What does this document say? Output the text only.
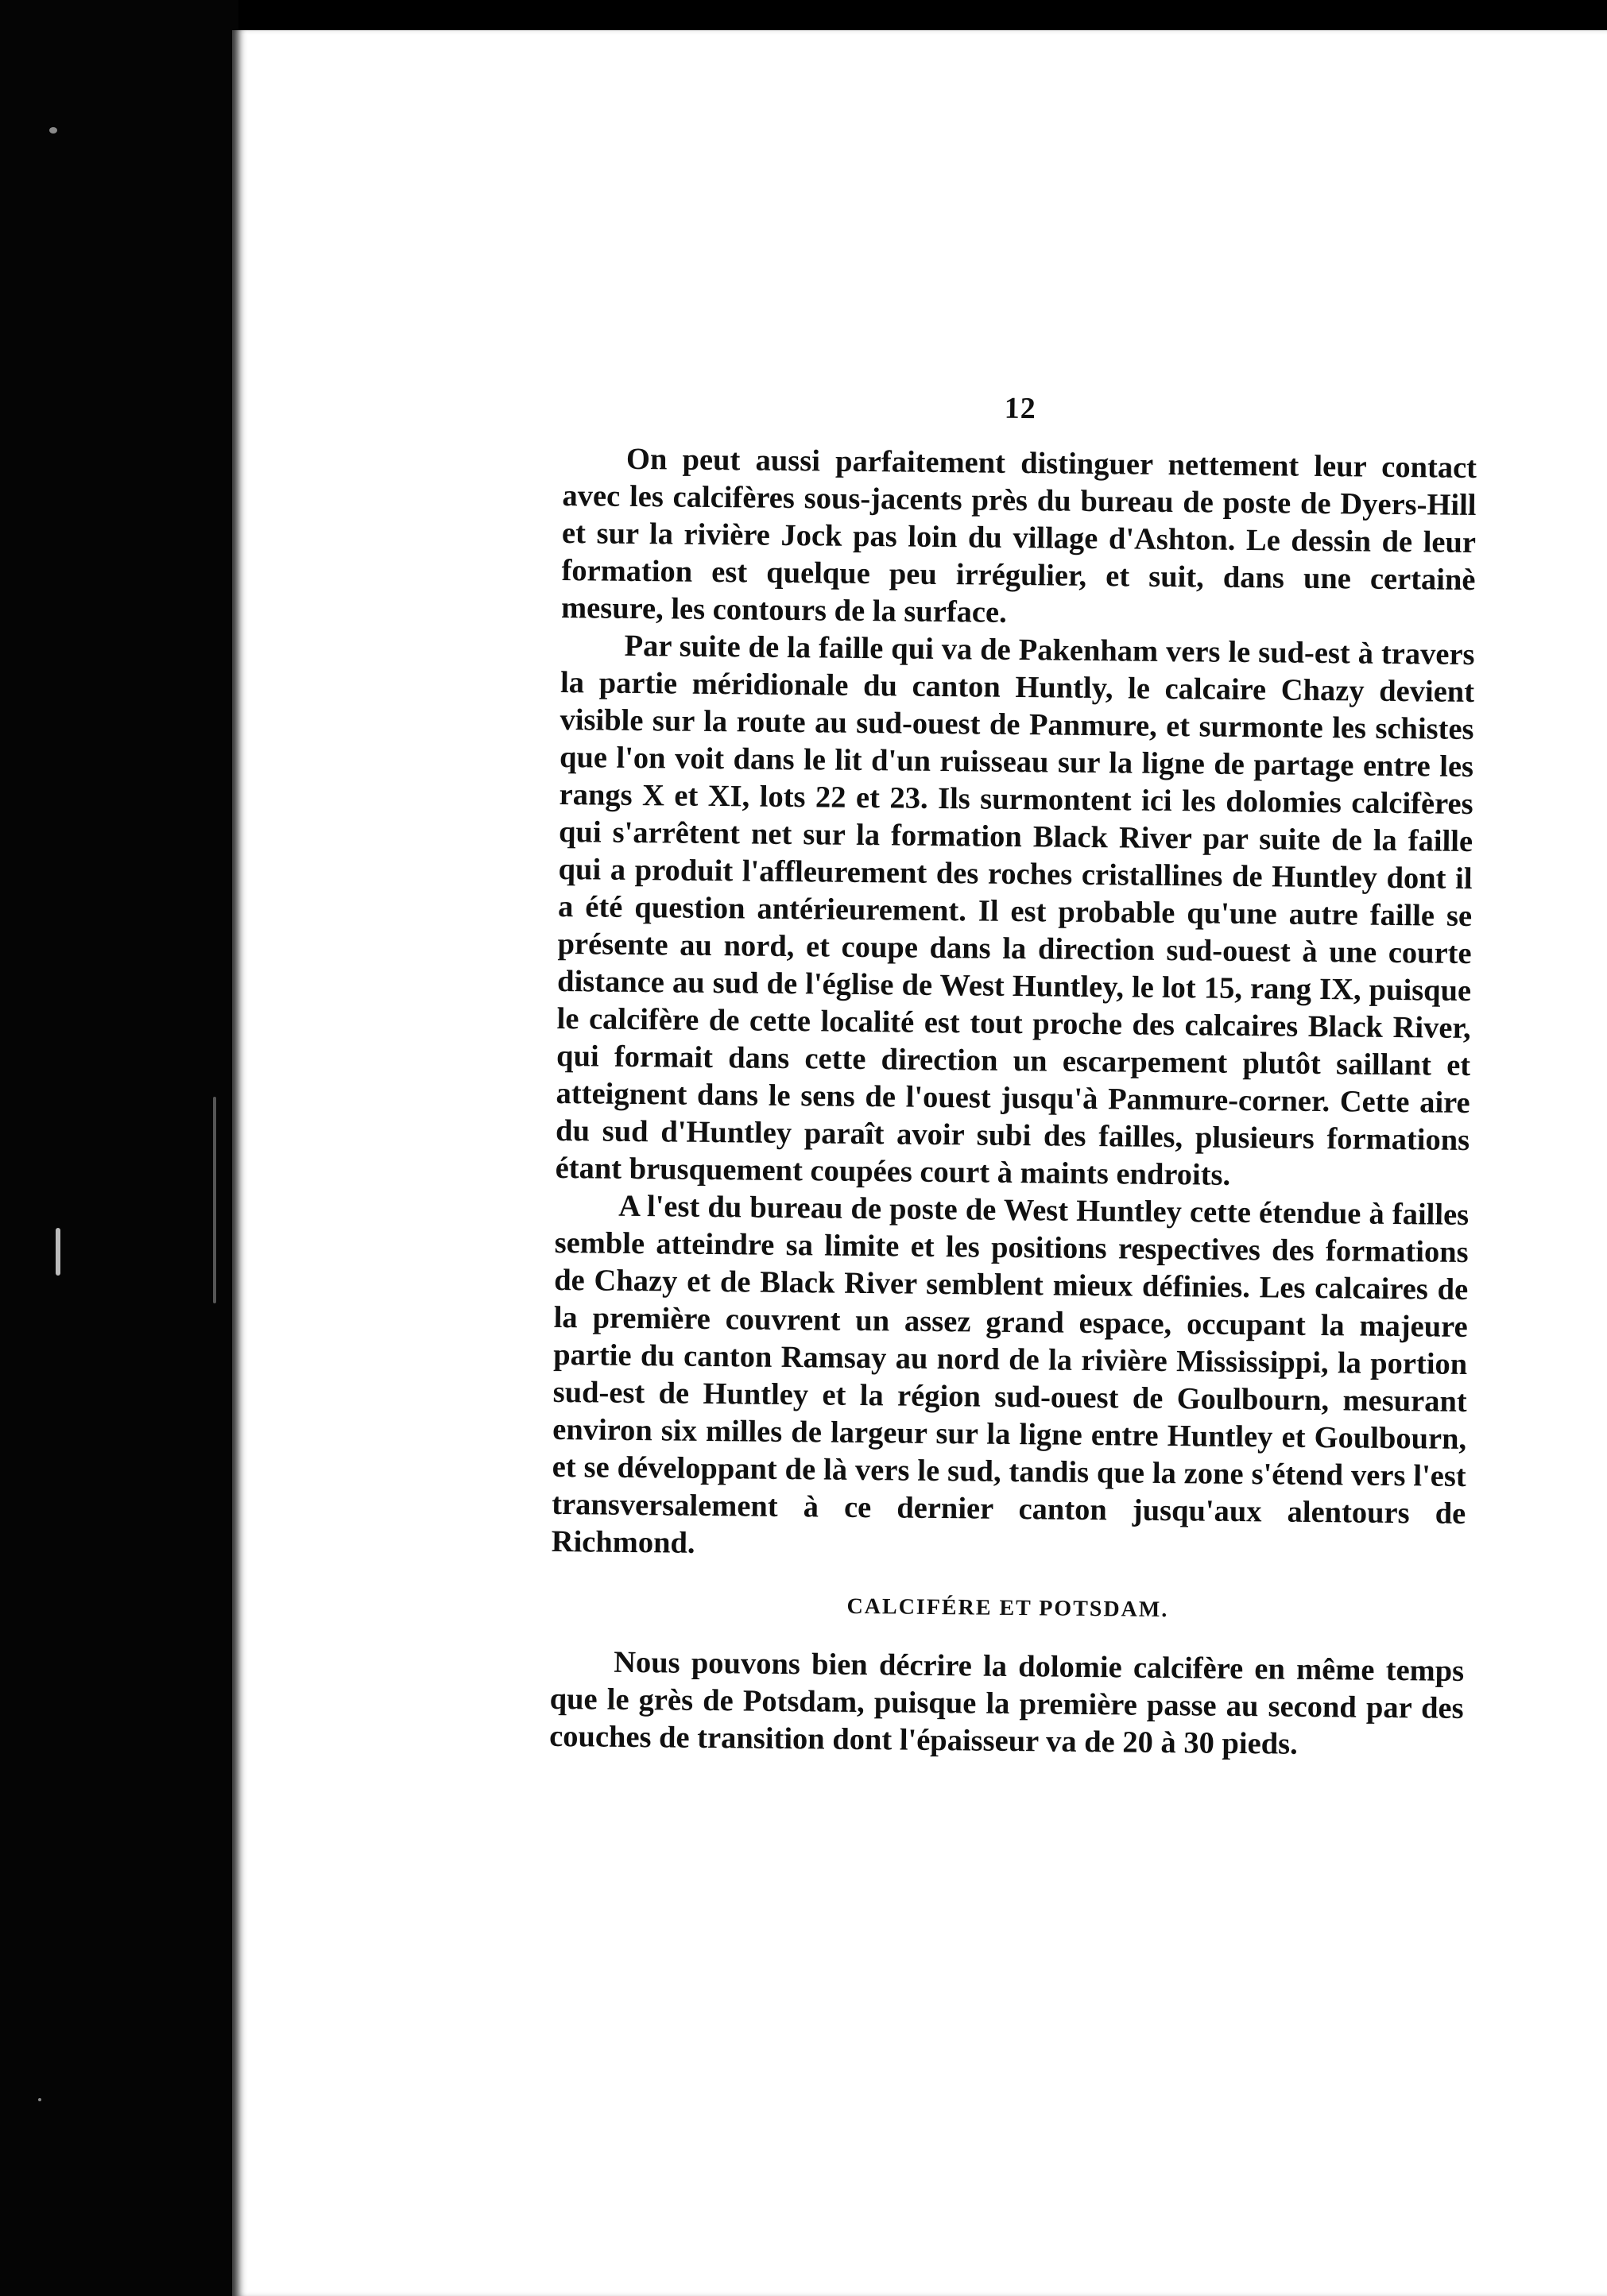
12

On peut aussi parfaitement distinguer nettement leur contact avec les calcifères sous-jacents près du bureau de poste de Dyers-Hill et sur la rivière Jock pas loin du village d'Ashton. Le dessin de leur formation est quelque peu irrégulier, et suit, dans une certainè mesure, les contours de la surface.

Par suite de la faille qui va de Pakenham vers le sud-est à travers la partie méridionale du canton Huntly, le calcaire Chazy devient visible sur la route au sud-ouest de Panmure, et surmonte les schistes que l'on voit dans le lit d'un ruisseau sur la ligne de partage entre les rangs X et XI, lots 22 et 23. Ils surmontent ici les dolomies calcifères qui s'arrêtent net sur la formation Black River par suite de la faille qui a produit l'affleurement des roches cristallines de Huntley dont il a été question antérieurement. Il est probable qu'une autre faille se présente au nord, et coupe dans la direction sud-ouest à une courte distance au sud de l'église de West Huntley, le lot 15, rang IX, puisque le calcifère de cette localité est tout proche des calcaires Black River, qui formait dans cette direction un escarpement plutôt saillant et atteignent dans le sens de l'ouest jusqu'à Panmure-corner. Cette aire du sud d'Huntley paraît avoir subi des failles, plusieurs formations étant brusquement coupées court à maints endroits.

A l'est du bureau de poste de West Huntley cette étendue à failles semble atteindre sa limite et les positions respectives des formations de Chazy et de Black River semblent mieux définies. Les calcaires de la première couvrent un assez grand espace, occupant la majeure partie du canton Ramsay au nord de la rivière Mississippi, la portion sud-est de Huntley et la région sud-ouest de Goulbourn, mesurant environ six milles de largeur sur la ligne entre Huntley et Goulbourn, et se développant de là vers le sud, tandis que la zone s'étend vers l'est transversalement à ce dernier canton jusqu'aux alentours de Richmond.

CALCIFÉRE ET POTSDAM.

Nous pouvons bien décrire la dolomie calcifère en même temps que le grès de Potsdam, puisque la première passe au second par des couches de transition dont l'épaisseur va de 20 à 30 pieds.
